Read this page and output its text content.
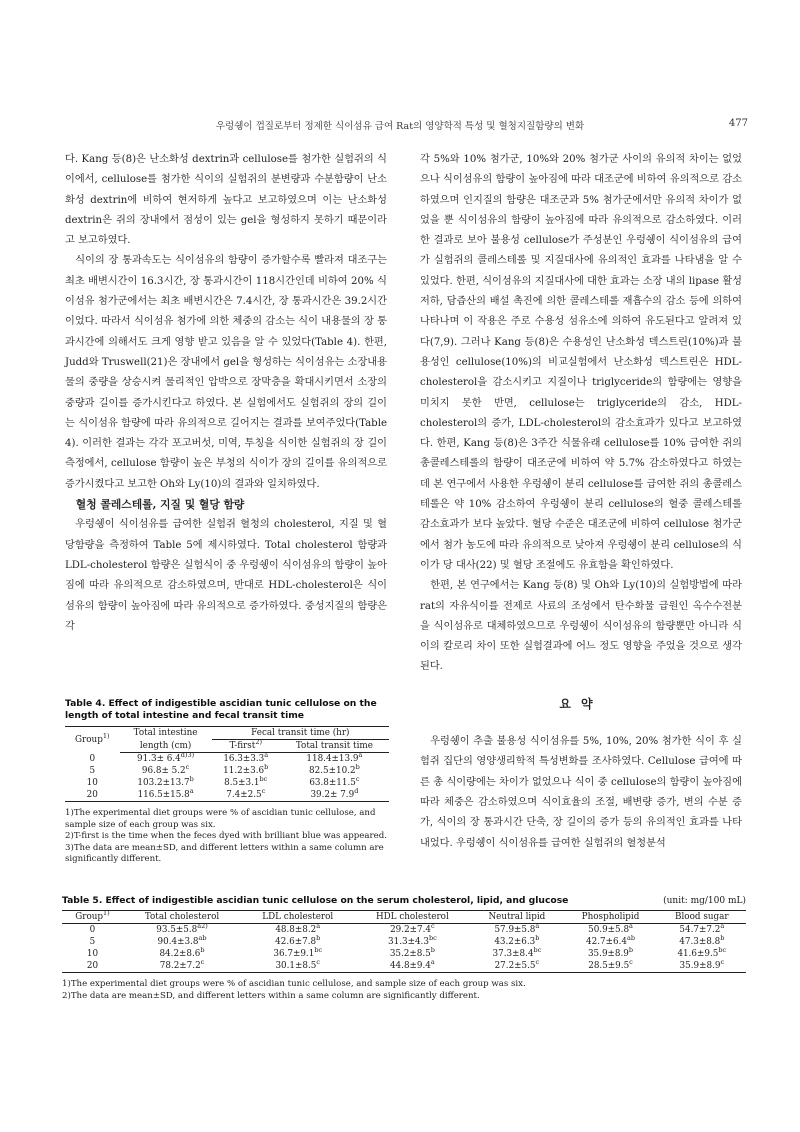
우렁쉥이 껍질로부터 정제한 식이섬유 급여 Rat의 영양학적 특성 및 혈청지질함량의 변화	477

다. Kang 등(8)은 난소화성 dextrin과 cellulose를 첨가한 실험쥐의 식이에서, cellulose를 첨가한 식이의 실험쥐의 분변량과 수분함량이 난소화성 dextrin에 비하여 현저하게 높다고 보고하였으며 이는 난소화성 dextrin은 쥐의 장내에서 점성이 있는 gel을 형성하지 못하기 때문이라고 보고하였다.

식이의 장 통과속도는 식이섬유의 함량이 증가할수록 빨라져 대조구는 최초 배변시간이 16.3시간, 장 통과시간이 118시간인데 비하여 20% 식이섬유 첨가군에서는 최초 배변시간은 7.4시간, 장 통과시간은 39.2시간이었다. 따라서 식이섬유 첨가에 의한 체중의 감소는 식이 내용물의 장 통과시간에 의해서도 크게 영향 받고 있음을 알 수 있었다(Table 4). 한편, Judd와 Truswell(21)은 장내에서 gel을 형성하는 식이섬유는 소장내용물의 중량을 상승시켜 물리적인 압박으로 장막층을 확대시키면서 소장의 중량과 길이를 증가시킨다고 하였다. 본 실험에서도 실험쥐의 장의 길이는 식이섬유 함량에 따라 유의적으로 길어지는 결과를 보여주었다(Table 4). 이러한 결과는 각각 포고버섯, 미역, 투칭을 식이한 실험쥐의 장 길이 측정에서, cellulose 함량이 높은 부청의 식이가 장의 길이를 유의적으로 증가시켰다고 보고한 Oh와 Ly(10)의 결과와 일치하였다.

혈청 콜레스테롤, 지질 및 혈당 함량

우렁쉥이 식이섬유를 급여한 실험쥐 혈청의 cholesterol, 지질 및 혈당함량을 측정하여 Table 5에 제시하였다. Total cholesterol 함량과 LDL-cholesterol 함량은 실험식이 중 우렁쉥이 식이섬유의 함량이 높아짐에 따라 유의적으로 감소하였으며, 반대로 HDL-cholesterol은 식이섬유의 함량이 높아짐에 따라 유의적으로 증가하였다. 중성지질의 함량은 각

Table 4. Effect of indigestible ascidian tunic cellulose on the length of total intestine and fecal transit time
Group$^{1)}$	Total intestine	Fecal transit time (hr)	
	length (cm)	T-first$^{2)}$	Total transit time
0	$91.3\pm 6.4^{d)3)}$	16.3±3.3$^a$	118.4±13.9$^a$
5	96.8± 5.2$^c$	11.2±3.6$^b$	82.5±10.2$^b$
10	103.2±13.7$^b$	8.5±3.1$^{bc}$	63.8±11.5$^c$
20	116.5±15.8$^a$	7.4±2.5$^c$	39.2± 7.9$^d$
1)The experimental diet groups were % of ascidian tunic cellulose, and sample size of each group was six.
2)T-first is the time when the feces dyed with brilliant blue was appeared.
3)The data are mean±SD, and different letters within a same column are significantly different.

각 5%와 10% 첨가군, 10%와 20% 첨가군 사이의 유의적 차이는 없었으나 식이섬유의 함량이 높아짐에 따라 대조군에 비하여 유의적으로 감소하였으며 인지질의 함량은 대조군과 5% 첨가군에서만 유의적 차이가 없었을 뿐 식이섬유의 함량이 높아짐에 따라 유의적으로 감소하였다. 이러한 결과로 보아 불용성 cellulose가 주성분인 우렁쉥이 식이섬유의 급여가 실험쥐의 콜레스테롤 및 지질대사에 유의적인 효과를 나타냄을 알 수 있었다. 한편, 식이섬유의 지질대사에 대한 효과는 소장 내의 lipase 활성 저하, 담즙산의 배설 촉진에 의한 콜레스테롤 재흡수의 감소 등에 의하여 나타나며 이 작용은 주로 수용성 섬유소에 의하여 유도된다고 알려져 있다(7,9). 그러나 Kang 등(8)은 수용성인 난소화성 덱스트린(10%)과 불용성인 cellulose(10%)의 비교실험에서 난소화성 덱스트린은 HDL-cholesterol을 감소시키고 지질이나 triglyceride의 함량에는 영향을 미치지 못한 반면, cellulose는 triglyceride의 감소, HDL-cholesterol의 증가, LDL-cholesterol의 감소효과가 있다고 보고하였다. 한편, Kang 등(8)은 3주간 식물유래 cellulose를 10% 급여한 쥐의 총콜레스테롤의 함량이 대조군에 비하여 약 5.7% 감소하였다고 하였는데 본 연구에서 사용한 우렁쉥이 분리 cellulose를 급여한 쥐의 총콜레스테롤은 약 10% 감소하여 우렁쉥이 분리 cellulose의 혈중 콜레스테롤 감소효과가 보다 높았다. 혈당 수준은 대조군에 비하여 cellulose 첨가군에서 첨가 농도에 따라 유의적으로 낮아져 우렁쉥이 분리 cellulose의 식이가 당 대사(22) 및 혈당 조절에도 유효함을 확인하였다.

한편, 본 연구에서는 Kang 등(8) 및 Oh와 Ly(10)의 실험방법에 따라 rat의 자유식이를 전제로 사료의 조성에서 탄수화물 급원인 옥수수전분을 식이섬유로 대체하였으므로 우렁쉥이 식이섬유의 함량뿐만 아니라 식이의 칼로리 차이 또한 실험결과에 어느 정도 영향을 주었을 것으로 생각된다.

요약

우렁쉥이 추출 불용성 식이섬유를 5%, 10%, 20% 첨가한 식이 후 실험쥐 집단의 영양생리학적 특성변화를 조사하였다. Cellulose 급여에 따른 총 식이량에는 차이가 없었으나 식이 중 cellulose의 함량이 높아짐에 따라 체중은 감소하였으며 식이효율의 조절, 배변량 증가, 변의 수분 증가, 식이의 장 통과시간 단축, 장 길이의 증가 등의 유의적인 효과를 나타내었다. 우렁쉥이 식이섬유를 급여한 실험쥐의 혈청분석

Table 5. Effect of indigestible ascidian tunic cellulose on the serum cholesterol, lipid, and glucose	(unit: mg/100 mL)
Group$^{1)}$	Total cholesterol	LDL cholesterol	HDL cholesterol	Neutral lipid	Phospholipid	Blood sugar
0	$93.5\pm 5.8^{a2)}$	48.8±8.2$^a$	29.2±7.4$^c$	57.9±5.8$^a$	50.9±5.8$^a$	54.7±7.2$^a$
5	90.4±3.8$^{ab}$	42.6±7.8$^b$	31.3±4.3$^{bc}$	43.2±6.3$^b$	42.7±6.4$^{ab}$	47.3±8.8$^b$
10	84.2±8.6$^b$	36.7±9.1$^{bc}$	35.2±8.5$^b$	37.3±8.4$^{bc}$	35.9±8.9$^b$	41.6±9.5$^{bc}$
20	78.2±7.2$^c$	30.1±8.5$^c$	44.8±9.4$^a$	27.2±5.5$^c$	28.5±9.5$^c$	35.9±8.9$^c$
1)The experimental diet groups were % of ascidian tunic cellulose, and sample size of each group was six.
2)The data are mean±SD, and different letters within a same column are significantly different.
